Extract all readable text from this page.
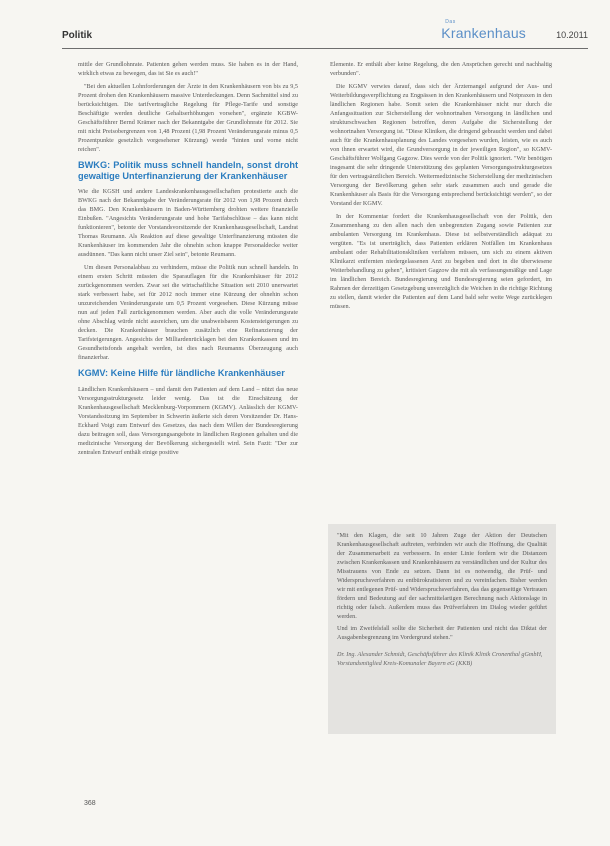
Politik
Das
Krankenhaus	10.2011

mittle der Grundlohnrate. Patienten gehen werden muss. Sie haben es in der Hand, wirklich etwas zu bewegen, das ist Sie es auch!"

"Bei den aktuellen Lohnforderungen der Ärzte in den Krankenhäusern von bis zu 9,5 Prozent drohen den Krankenhäusern massive Unterdeckungen. Denn Sachmittel sind zu berücksichtigen. Die tarifvertragliche Regelung für Pflege-Tarife und sonstige Beschäftigte werden deutliche Gehaltserhöhungen vorsehen", ergänzte KGBW-Geschäftsführer Bernd Krämer nach der Bekanntgabe der Grundlohnrate für 2012. Sie mit nicht Preisobergrenzen von 1,48 Prozent (1,98 Prozent Veränderungsrate minus 0,5 Prozentpunkte gesetzlich vorgesehener Kürzung) werde "hinten und vorne nicht reichen".

BWKG: Politik muss schnell handeln, sonst droht gewaltige Unterfinanzierung der Krankenhäuser

Wie die KGSH und andere Landeskrankenhausgesellschaften protestierte auch die BWKG nach der Bekanntgabe der Veränderungsrate für 2012 von 1,98 Prozent durch das BMG. Den Krankenhäusern in Baden-Württemberg drohten weitere finanzielle Einbußen. "Angesichts Veränderungsrate und hohe Tarifabschlüsse – das kann nicht funktionieren", betonte der Vorstandsvorsitzende der Krankenhausgesellschaft, Landrat Thomas Reumann. Als Reaktion auf diese gewaltige Unterfinanzierung müssten die Krankenhäuser im kommenden Jahr die ohnehin schon knappe Personaldecke weiter ausdünnen. "Das kann nicht unser Ziel sein", betonte Reumann.

Um diesen Personalabbau zu verhindern, müsse die Politik nun schnell handeln. In einem ersten Schritt müssten die Sparauflagen für die Krankenhäuser für 2012 zurückgenommen werden. Zwar sei die wirtschaftliche Situation seit 2010 unerwartet stark verbessert habe, sei für 2012 noch immer eine Kürzung der ohnehin schon unzureichenden Veränderungsrate um 0,5 Prozent vorgesehen. Diese Kürzung müsse nun auf jeden Fall zurückgenommen werden. Aber auch die volle Veränderungsrate ohne Abschlag würde nicht ausreichen, um die unabweisbaren Kostensteigerungen zu decken. Die Krankenhäuser brauchen zusätzlich eine Refinanzierung der Tarifsteigerungen. Angesichts der Milliardenrücklagen bei den Krankenkassen und im Gesundheitsfonds angehalt werden, ist dies nach Reumanns Überzeugung auch finanzierbar.

KGMV: Keine Hilfe für ländliche Krankenhäuser

Ländlichen Krankenhäusern – und damit den Patienten auf dem Land – nützt das neue Versorgungsstrukturgesetz leider wenig. Das ist die Einschätzung der Krankenhausgesellschaft Mecklenburg-Vorpommern (KGMV). Anlässlich der KGMV-Vorstandssitzung im September in Schwerin äußerte sich deren Vorsitzender Dr. Hans-Eckhard Voigt zum Entwurf des Gesetzes, das nach dem Willen der Bundesregierung dazu beitragen soll, dass Versorgungsangebote in ländlichen Regionen gehalten und die medizinische Versorgung der Bevölkerung sichergestellt wird. Sein Fazit: "Der zur zentralen Entwurf enthält einige positive

Elemente. Er enthält aber keine Regelung, die den Ansprüchen gerecht und nachhaltig verbunden".

Die KGMV verwies darauf, dass sich der Ärztemangel aufgrund der Aus- und Weiterbildungsverpflichtung zu Engpässen in den Krankenhäusern und Notpraxen in den ländlichen Regionen habe. Somit seien die Krankenhäuser nicht nur durch die Anfangssituation zur Sicherstellung der wohnortnahen Versorgung in ländlichen und strukturschwachen Regionen betroffen, deren Aufgabe die Sicherstellung der wohnortnahen Versorgung ist. "Diese Kliniken, die dringend gebraucht werden und dabei auch für die Krankenhausplanung des Landes vorgesehen wurden, leisten, wie es auch von ihnen erwartet wird, die Grundversorgung in der jeweiligen Region", so KGMV-Geschäftsführer Wolfgang Gagzow. Dies werde von der Politik ignoriert. "Wir benötigen insgesamt die sehr dringende Unterstützung des geplanten Versorgungsstrukturgesetzes für den vertragsärztlichen Bereich. Weitermedizinische Sicherstellung der medizinischen Versorgung der Bevölkerung gehen sehr stark zusammen auch und gerade die Krankenhäuser als Basis für die Versorgung entsprechend berücksichtigt werden", so der Vorstand der KGMV.

In der Kommentar fordert die Krankenhausgesellschaft von der Politik, den Zusammenhang zu den allen nach den unbegrenzten Zugang sowie Patienten zur ambulanten Versorgung im Krankenhaus. Diese ist selbstverständlich adäquat zu vergüten. "Es ist unerträglich, dass Patienten erklären Notfällen im Krankenhaus ambulant oder Rehabilitationskliniken verfahren müssen, um sich zu einem aktiven Klinikarzt entfernten niedergelassenen Arzt zu begeben und dort in die überwiesene Weiterbehandlung zu gehen", kritisiert Gagzow die mit als verfassungsmäßige und Lage im ländlichen Bereich. Bundesregierung und Bundesregierung seien gefordert, im Rahmen der derzeitigen Gesetzgebung unverzüglich die Weichen in die richtige Richtung zu stellen, damit wieder die Patienten auf dem Land bald sehr weite Wege zurücklegen müssen.

"Mit den Klagen, die seit 10 Jahren Zuge der Aktion der Deutschen Krankenhausgesellschaft auftreten, verbinden wir auch die Hoffnung, die Qualität der Zusammenarbeit zu verbessern. In erster Linie fordern wir die Distanzen zwischen Krankenkassen und Krankenhäusern zu verständlichen und der Kultur des Misstrauens von Ende zu setzen. Dann ist es notwendig, die Prüf- und Widerspruchsverfahren zu entbürokratisieren und zu vereinfachen. Bisher werden wir mit entlegenen Prüf- und Widerspruchsverfahren, das das gegenseitige Vertrauen fördern und Bedeutung auf der sachmittelartigen Berechnung nach Aktionslage in richtig oder falsch. Außerdem muss das Prüfverfahren im Dialog wieder geführt werden.

Und im Zweifelsfall sollte die Sicherheit der Patienten und nicht das Diktat der Ausgabenbegrenzung im Vordergrund stehen."

Dr. Ing. Alexander Schmidt, Geschäftsführer des Klinik Klinik Cronenthal gGmbH, Vorstandsmitglied Kreis-Komunaler Bayern eG (KKB)

368
